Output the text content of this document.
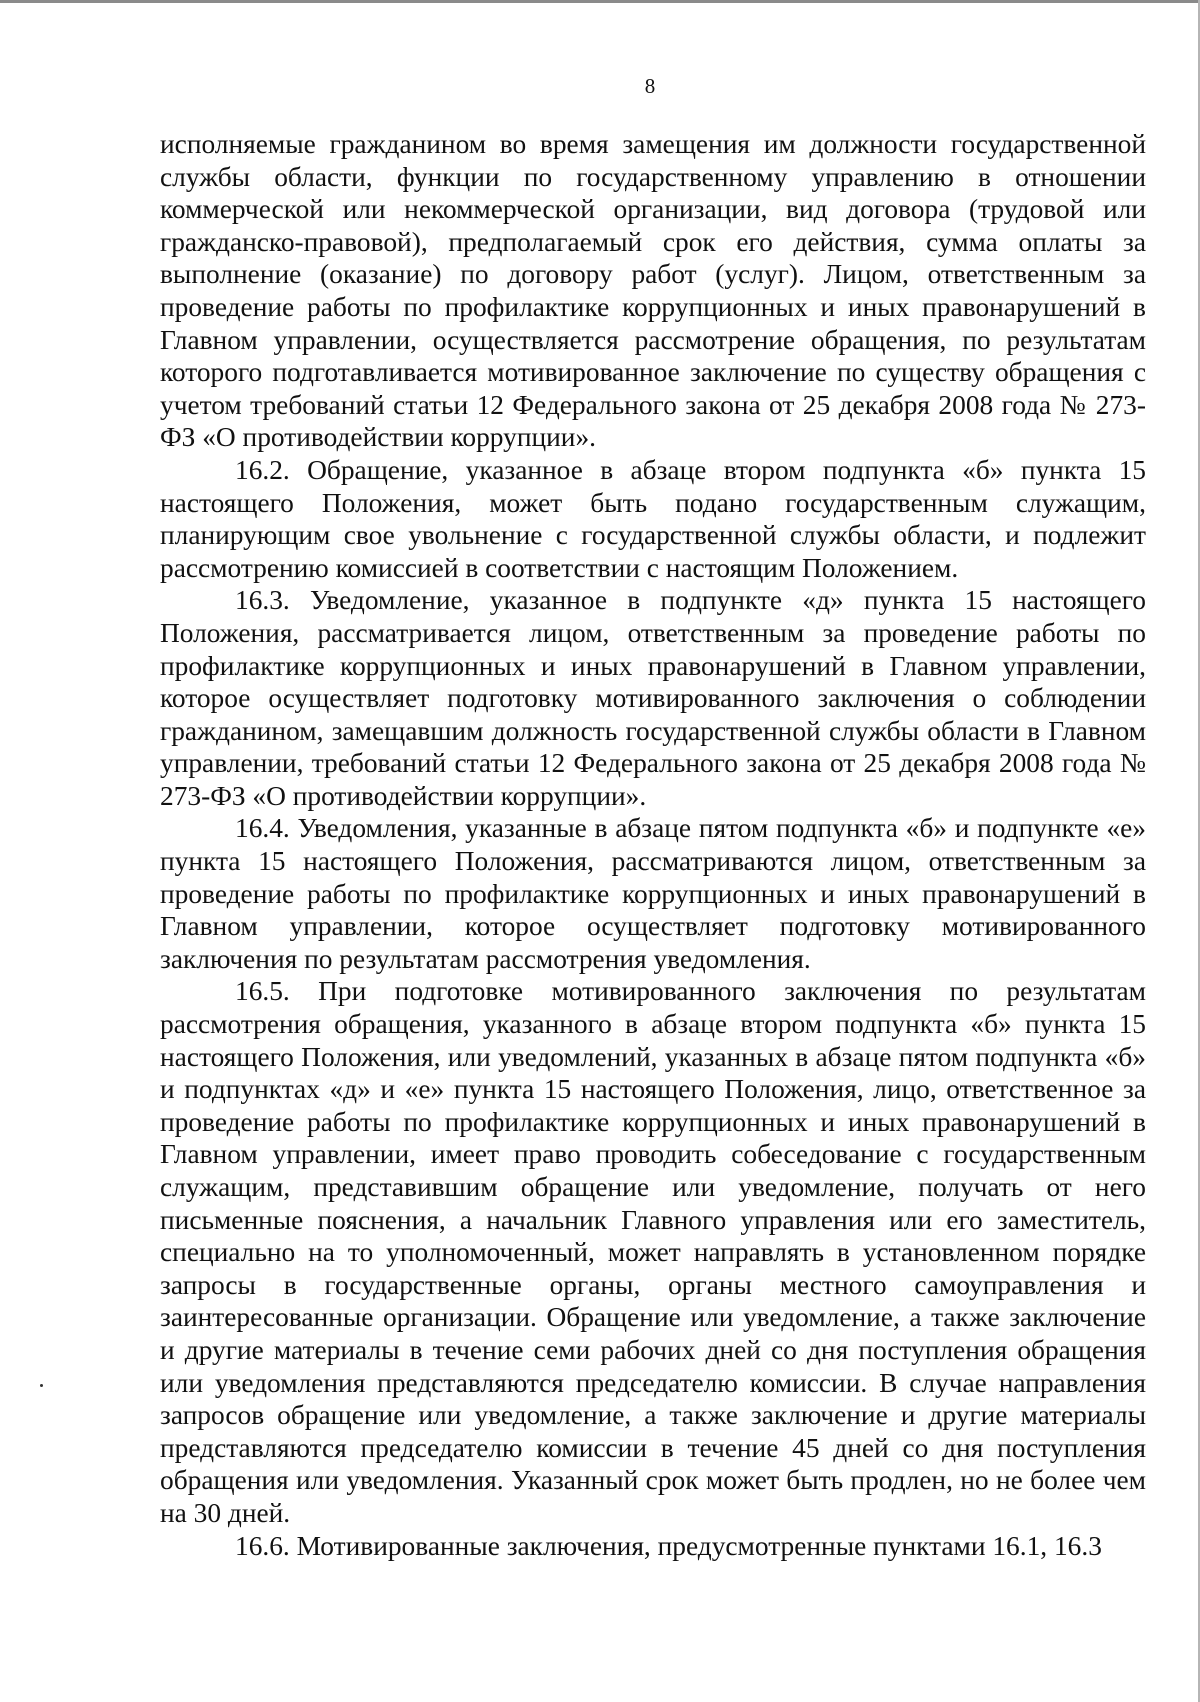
8

исполняемые гражданином во время замещения им должности государственной службы области, функции по государственному управлению в отношении коммерческой или некоммерческой организации, вид договора (трудовой или гражданско-правовой), предполагаемый срок его действия, сумма оплаты за выполнение (оказание) по договору работ (услуг). Лицом, ответственным за проведение работы по профилактике коррупционных и иных правонарушений в Главном управлении, осуществляется рассмотрение обращения, по результатам которого подготавливается мотивированное заключение по существу обращения с учетом требований статьи 12 Федерального закона от 25 декабря 2008 года № 273-ФЗ «О противодействии коррупции».

16.2. Обращение, указанное в абзаце втором подпункта «б» пункта 15 настоящего Положения, может быть подано государственным служащим, планирующим свое увольнение с государственной службы области, и подлежит рассмотрению комиссией в соответствии с настоящим Положением.

16.3. Уведомление, указанное в подпункте «д» пункта 15 настоящего Положения, рассматривается лицом, ответственным за проведение работы по профилактике коррупционных и иных правонарушений в Главном управлении, которое осуществляет подготовку мотивированного заключения о соблюдении гражданином, замещавшим должность государственной службы области в Главном управлении, требований статьи 12 Федерального закона от 25 декабря 2008 года № 273-ФЗ «О противодействии коррупции».

16.4. Уведомления, указанные в абзаце пятом подпункта «б» и подпункте «е» пункта 15 настоящего Положения, рассматриваются лицом, ответственным за проведение работы по профилактике коррупционных и иных правонарушений в Главном управлении, которое осуществляет подготовку мотивированного заключения по результатам рассмотрения уведомления.

16.5. При подготовке мотивированного заключения по результатам рассмотрения обращения, указанного в абзаце втором подпункта «б» пункта 15 настоящего Положения, или уведомлений, указанных в абзаце пятом подпункта «б» и подпунктах «д» и «е» пункта 15 настоящего Положения, лицо, ответственное за проведение работы по профилактике коррупционных и иных правонарушений в Главном управлении, имеет право проводить собеседование с государственным служащим, представившим обращение или уведомление, получать от него письменные пояснения, а начальник Главного управления или его заместитель, специально на то уполномоченный, может направлять в установленном порядке запросы в государственные органы, органы местного самоуправления и заинтересованные организации. Обращение или уведомление, а также заключение и другие материалы в течение семи рабочих дней со дня поступления обращения или уведомления представляются председателю комиссии. В случае направления запросов обращение или уведомление, а также заключение и другие материалы представляются председателю комиссии в течение 45 дней со дня поступления обращения или уведомления. Указанный срок может быть продлен, но не более чем на 30 дней.

16.6. Мотивированные заключения, предусмотренные пунктами 16.1, 16.3
